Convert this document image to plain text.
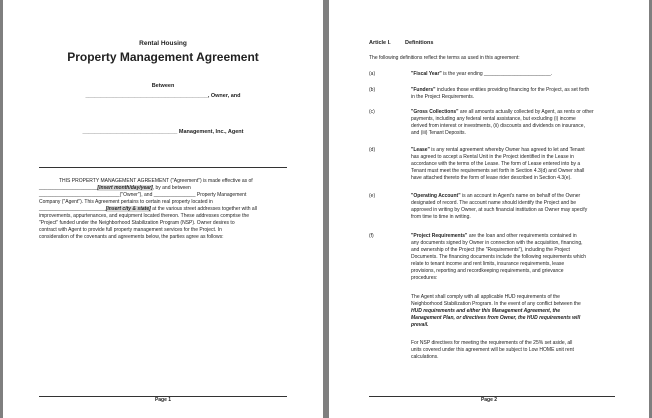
Rental Housing
Property Management Agreement
Between
________________________________________, Owner, and
_______________________________ Management, Inc., Agent

THIS PROPERTY MANAGEMENT AGREEMENT ("Agreement") is made effective as of

_____________________[insert month/day/year], by and between

_____________________________("Owner"), and _______________ Property Management

Company ("Agent"). This Agreement pertains to certain real property located in

________________________[insert city & state] at the various street addresses together with all

improvements, appurtenances, and equipment located thereon. These addresses comprise the

"Project" funded under the Neighborhood Stabilization Program (NSP). Owner desires to

contract with Agent to provide full property management services for the Project. In

consideration of the covenants and agreements below, the parties agree as follows:

Page 1
Article I.	Definitions
The following definitions reflect the terms as used in this agreement:
(a)	"Fiscal Year" is the year ending ________________________.

(b)	"Funders" includes those entities providing financing for the Project, as set forth

in the Project Requirements.

(c)	"Gross Collections" are all amounts actually collected by Agent, as rents or other

payments, including any federal rental assistance, but excluding (i) income

derived from interest or investments, (ii) discounts and dividends on insurance,

and (iii) Tenant Deposits.

(d)	"Lease" is any rental agreement whereby Owner has agreed to let and Tenant

has agreed to accept a Rental Unit in the Project identified in the Lease in

accordance with the terms of the Lease. The form of Lease entered into by a

Tenant must meet the requirements set forth in Section 4.3(d) and Owner shall

have attached thereto the form of lease rider described in Section 4.3(e).

(e)	"Operating Account" is an account in Agent's name on behalf of the Owner

designated of record. The account name should identify the Project and be

approved in writing by Owner, at such financial institution as Owner may specify

from time to time in writing.

(f)	"Project Requirements" are the loan and other requirements contained in

any documents signed by Owner in connection with the acquisition, financing,

and ownership of the Project (the "Requirements"), including the Project

Documents. The financing documents include the following requirements which

relate to tenant income and rent limits, insurance requirements, lease

provisions, reporting and recordkeeping requirements, and grievance

procedures:

The Agent shall comply with all applicable HUD requirements of the

Neighborhood Stabilization Program. In the event of any conflict between the

HUD requirements and either this Management Agreement, the

Management Plan, or directives from Owner, the HUD requirements will

prevail.

For NSP directives for meeting the requirements of the 25% set aside, all

units covered under this agreement will be subject to Low HOME unit rent

calculations.

Page 2
